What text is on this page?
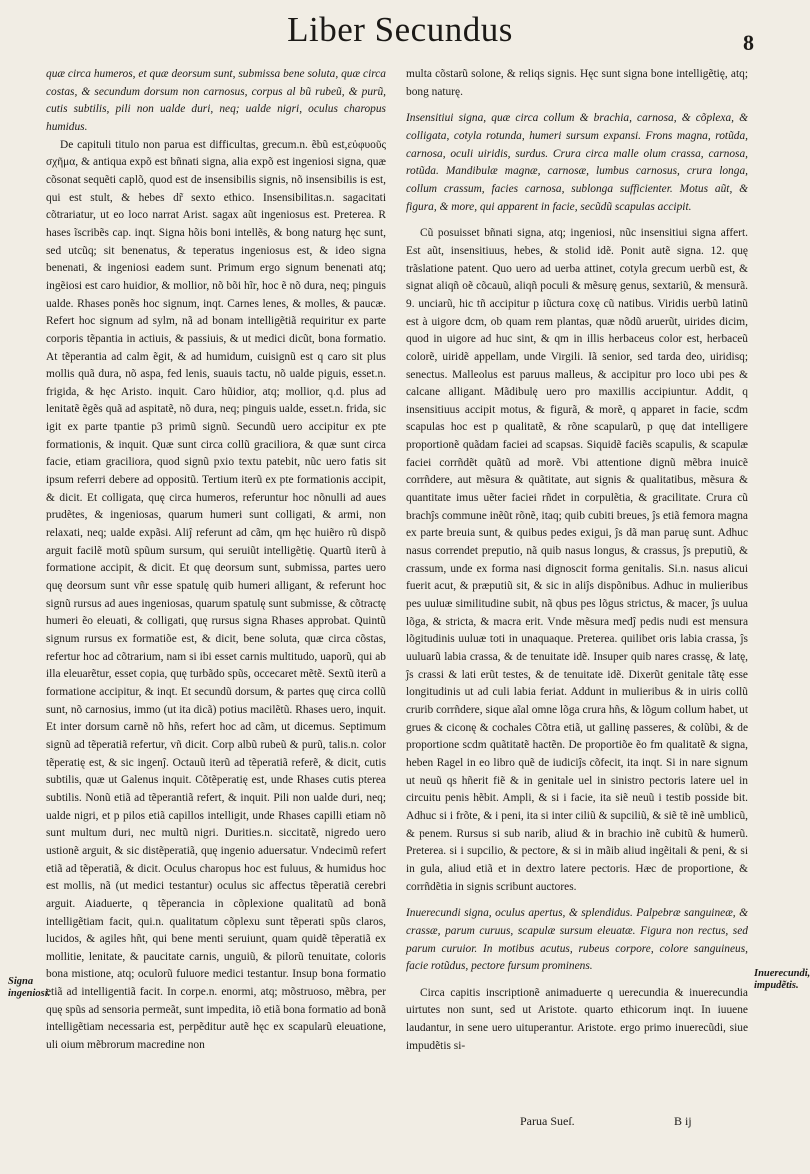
Liber Secundus	8

quæ circa humeros, et quæ deorsum sunt, submissa bene soluta, quæ circa costas, & secundum dorsum non carnosus, corpus al bũ rubeũ, & purũ, cutis subtilis, pili non ualde duri, neq; ualde nigri, oculus charopus humidus.

De capituli titulo non parua est difficultas, grecum.n. ẽbũ est,εὐφυοῦς σχῆμα, & antiqua expõ est bñnati signa, alia expõ est ingeniosi signa, quæ cõsonat sequẽti caplõ, quod est de insensibilis signis, nõ insensibilis is est, qui est stult, & hebes dr̃ sexto ethico. Insensibilitas.n. sagacitati cõtrariatur, ut eo loco narrat Arist. sagax aũt ingeniosus est. Preterea. R hases ĩscribẽs cap. inqt. Signa hõis boni intellẽs, & bong naturg hęc sunt, sed utcũq; sit benenatus, & teperatus ingeniosus est, & ideo signa benenati, & ingeniosi eadem sunt. Primum ergo signum benenati atq; ingẽiosi est caro huidior, & mollior, nõ bõi hĩr, hoc ẽ nõ dura, neq; pinguis ualde. Rhases ponẽs hoc signum, inqt. Carnes lenes, & molles, & paucæ. Refert hoc signum ad sylm, nã ad bonam intelligẽtiã requiritur ex parte corporis tẽpantia in actiuis, & passiuis, & ut medici dicũt, bona formatio. At tẽperantia ad calm ẽgit, & ad humidum, cuisignũ est q caro sit plus mollis quã dura, nõ aspa, fed lenis, suauis tactu, nõ ualde piguis, esset.n. frigida, & hęc Aristo. inquit. Caro hũidior, atq; mollior, q.d. plus ad lenitatẽ ẽgẽs quã ad aspitatẽ, nõ dura, neq; pinguis ualde, esset.n. frida, sic igit ex parte tpantie p3 primũ signũ. Secundũ uero accipitur ex pte formationis, & inquit. Quæ sunt circa collũ graciliora, & quæ sunt circa facie, etiam graciliora, quod signũ pxio textu patebit, nũc uero fatis sit ipsum referri debere ad oppositũ. Tertium iterũ ex pte formationis accipit, & dicit. Et colligata, quę circa humeros, referuntur hoc nõnulli ad aues prudẽtes, & ingeniosas, quarum humeri sunt colligati, & armi, non relaxati, neq; ualde expãsi. Aliĵ referunt ad cãm, qm hęc huiẽro rũ dispõ arguit facilẽ motũ spũum sursum, qui seruiũt intelligẽtię. Quartũ iterũ à formatione accipit, & dicit. Et quę deorsum sunt, submissa, partes uero quę deorsum sunt vñr esse spatulę quib humeri alligant, & referunt hoc signũ rursus ad aues ingeniosas, quarum spatulę sunt submisse, & cõtractę humeri ẽo eleuati, & colligati, quę rursus signa Rhases approbat. Quintũ signum rursus ex formatiõe est, & dicit, bene soluta, quæ circa cõstas, refertur hoc ad cõtrarium, nam si ibi esset carnis multitudo, uaporũ, qui ab illa eleuarẽtur, esset copia, quę turbãdo spũs, occecaret mẽtẽ. Sextũ iterũ a formatione accipitur, & inqt. Et secundũ dorsum, & partes quę circa collũ sunt, nõ carnosius, immo (ut ita dicã) potius macilẽtũ. Rhases uero, inquit. Et inter dorsum carnẽ nõ hñs, refert hoc ad cãm, ut dicemus. Septimum signũ ad tẽperatiã refertur, vñ dicit. Corp albũ rubeũ & purũ, talis.n. color tẽperatię est, & sic ingenĵ. Octauũ iterũ ad tẽperatiã referẽ, & dicit, cutis subtilis, quæ ut Galenus inquit. Cõtẽperatię est, unde Rhases cutis pterea subtilis. Nonũ etiã ad tẽperantiã refert, & inquit. Pili non ualde duri, neq; ualde nigri, et p pilos etiã capillos intelligit, unde Rhases capilli etiam nõ sunt multum duri, nec multũ nigri. Durities.n. siccitatẽ, nigredo uero ustionẽ arguit, & sic distẽperatiã, quę ingenio aduersatur. Vndecimũ refert etiã ad tẽperatiã, & dicit. Oculus charopus hoc est fuluus, & humidus hoc est mollis, nã (ut medici testantur) oculus sic affectus tẽperatiã cerebri arguit. Aiaduerte, q tẽperancia in cõplexione qualitatũ ad bonã intelligẽtiam facit, qui.n. qualitatum cõplexu sunt tẽperati spũs claros, lucidos, & agiles hñt, qui bene menti seruiunt, quam quidẽ tẽperatiã ex mollitie, lenitate, & paucitate carnis, unguiũ, & pilorũ tenuitate, coloris bona mistione, atq; oculorũ fuluore medici testantur. Insup bona formatio etiã ad intelligentiã facit. In corpe.n. enormi, atq; mõstruoso, mẽbra, per quę spũs ad sensoria permeãt, sunt impedita, iõ etiã bona formatio ad bonã intelligẽtiam necessaria est, perpẽditur autẽ hęc ex scapularũ eleuatione, uli oium mẽbrorum macredine non

multa cõstarũ solone, & reliqs signis. Hęc sunt signa bone intelligẽtię, atq; bong naturę.

Insensitiui signa, quæ circa collum & brachia, carnosa, & cõplexa, & colligata, cotyla rotunda, humeri sursum expansi. Frons magna, rotũda, carnosa, oculi uiridis, surdus. Crura circa malle olum crassa, carnosa, rotũda. Mandibulæ magnæ, carnosæ, lumbus carnosus, crura longa, collum crassum, facies carnosa, sublonga sufficienter. Motus aũt, & figura, & more, qui apparent in facie, secũdũ scapulas accipit.

Cũ posuisset bñnati signa, atq; ingeniosi, nũc insensitiui signa affert. Est aũt, insensitiuus, hebes, & stolid idẽ. Ponit autẽ signa. 12. quę trãslatione patent. Quo uero ad uerba attinet, cotyla grecum uerbũ est, & signat aliqñ oẽ cõcauũ, aliqñ poculi & mẽsurę genus, sextariũ, & mensurã. 9. unciarũ, hic tñ accipitur p iũctura coxę cũ natibus. Viridis uerbũ latinũ est à uigore dcm, ob quam rem plantas, quæ nõdũ aruerũt, uirides dicim, quod in uigore ad huc sint, & qm in illis herbaceus color est, herbaceũ colorẽ, uiridẽ appellam, unde Virgili. Iã senior, sed tarda deo, uiridisq; senectus. Malleolus est paruus malleus, & accipitur pro loco ubi pes & calcane alligant. Mãdibulę uero pro maxillis accipiuntur. Addit, q insensitiuus accipit motus, & figurã, & morẽ, q apparet in facie, scdm scapulas hoc est p qualitatẽ, & rõne scapularũ, p quę dat intelligere proportionẽ quãdam faciei ad scapsas. Siquidẽ faciẽs scapulis, & scapulæ faciei corrñdẽt quãtũ ad morẽ. Vbi attentione dignũ mẽbra inuicẽ corrñdere, aut mẽsura & quãtitate, aut signis & qualitatibus, mẽsura & quantitate imus uẽter faciei rñdet in corpulẽtia, & gracilitate. Crura cũ brachĵs commune inẽũt rõnẽ, itaq; quib cubiti breues, ĵs etiã femora magna ex parte breuia sunt, & quibus pedes exigui, ĵs dã man paruę sunt. Adhuc nasus correndet preputio, nã quib nasus longus, & crassus, ĵs preputiũ, & crassum, unde ex forma nasi dignoscit forma genitalis. Si.n. nasus alicui fuerit acut, & præputiũ sit, & sic in aliĵs dispõnibus. Adhuc in mulieribus pes uuluæ similitudine subit, nã qbus pes lõgus strictus, & macer, ĵs uulua lõga, & stricta, & macra erit. Vnde mẽsura medĵ pedis nudi est mensura lõgitudinis uuluæ toti in unaquaque. Preterea. quilibet oris labia crassa, ĵs uuluarũ labia crassa, & de tenuitate idẽ. Insuper quib nares crassę, & latę, ĵs crassi & lati erũt testes, & de tenuitate idẽ. Dixerũt genitale tãtę esse longitudinis ut ad culi labia feriat. Addunt in mulieribus & in uiris collũ crurib corrñdere, sique aĩal omne lõga crura hñs, & lõgum collum habet, ut grues & ciconę & cochales Cõtra etiã, ut gallinę passeres, & colũbi, & de proportione scdm quãtitatẽ hactẽn. De proportiõe ẽo fm qualitatẽ & signa, heben Ragel in eo libro quẽ de iudiciĵs cõfecit, ita inqt. Si in nare signum ut neuũ qs hñerit fiẽ & in genitale uel in sinistro pectoris latere uel in circuitu penis hẽbit. Ampli, & si i facie, ita siẽ neuũ i testib posside bit. Adhuc si i frõte, & i peni, ita si inter ciliũ & supciliũ, & siẽ tẽ inẽ umblicũ, & penem. Rursus si sub narib, aliud & in brachio inẽ cubitũ & humerũ. Pretereа. si i supcilio, & pectore, & si in mãib aliud ingẽitali & peni, & si in gula, aliud etiã et in dextro latere pectoris. Hæc de proportione, & corrñdẽtia in signis scribunt auctores.

Inuerecundi signa, oculus apertus, & splendidus. Palpebræ sanguineæ, & crassæ, parum curuus, scapulæ sursum eleuatæ. Figura non rectus, sed parum curuior. In motibus acutus, rubeus corpore, colore sanguineus, facie rotũdus, pectore fursum prominens.

Circa capitis inscriptionẽ animaduerte q uerecundia & inuerecundia uirtutes non sunt, sed ut Aristote. quarto ethicorum inqt. In iuuene laudantur, in sene uero uituperantur. Aristote. ergo primo inuerecũdi, siue impudẽtis si-

Signa ingeniosi.
Inuerecundi, impudẽtis.
Parua Sueſ.	B ĳ
